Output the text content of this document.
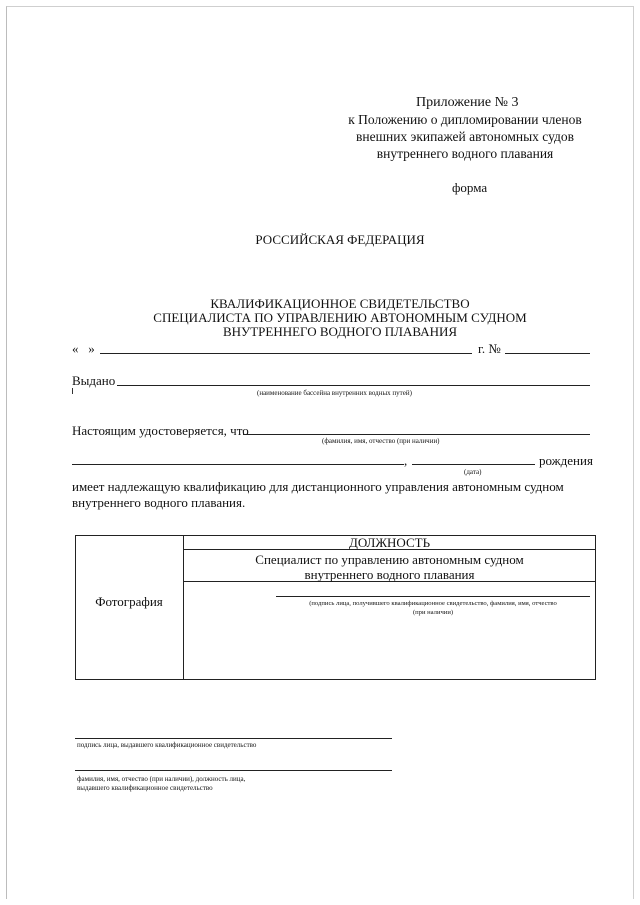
Приложение № 3
к Положению о дипломировании членов
внешних экипажей автономных судов
внутреннего водного плавания
форма
РОССИЙСКАЯ ФЕДЕРАЦИЯ
КВАЛИФИКАЦИОННОЕ СВИДЕТЕЛЬСТВО
СПЕЦИАЛИСТА ПО УПРАВЛЕНИЮ АВТОНОМНЫМ СУДНОМ
ВНУТРЕННЕГО ВОДНОГО ПЛАВАНИЯ
«   »	г. №
Выдано
(наименование бассейна внутренних водных путей)
Настоящим удостоверяется, что
(фамилия, имя, отчество (при наличии)
,	рождения
(дата)
имеет надлежащую квалификацию для дистанционного управления автономным судном внутреннего водного плавания.
Фотография
ДОЛЖНОСТЬ
Специалист по управлению автономным судном
внутреннего водного плавания
(подпись лица, получившего квалификационное свидетельство, фамилия, имя, отчество
(при наличии)
подпись лица, выдавшего квалификационное свидетельство
фамилия, имя, отчество (при наличии), должность лица,
выдавшего квалификационное свидетельство
